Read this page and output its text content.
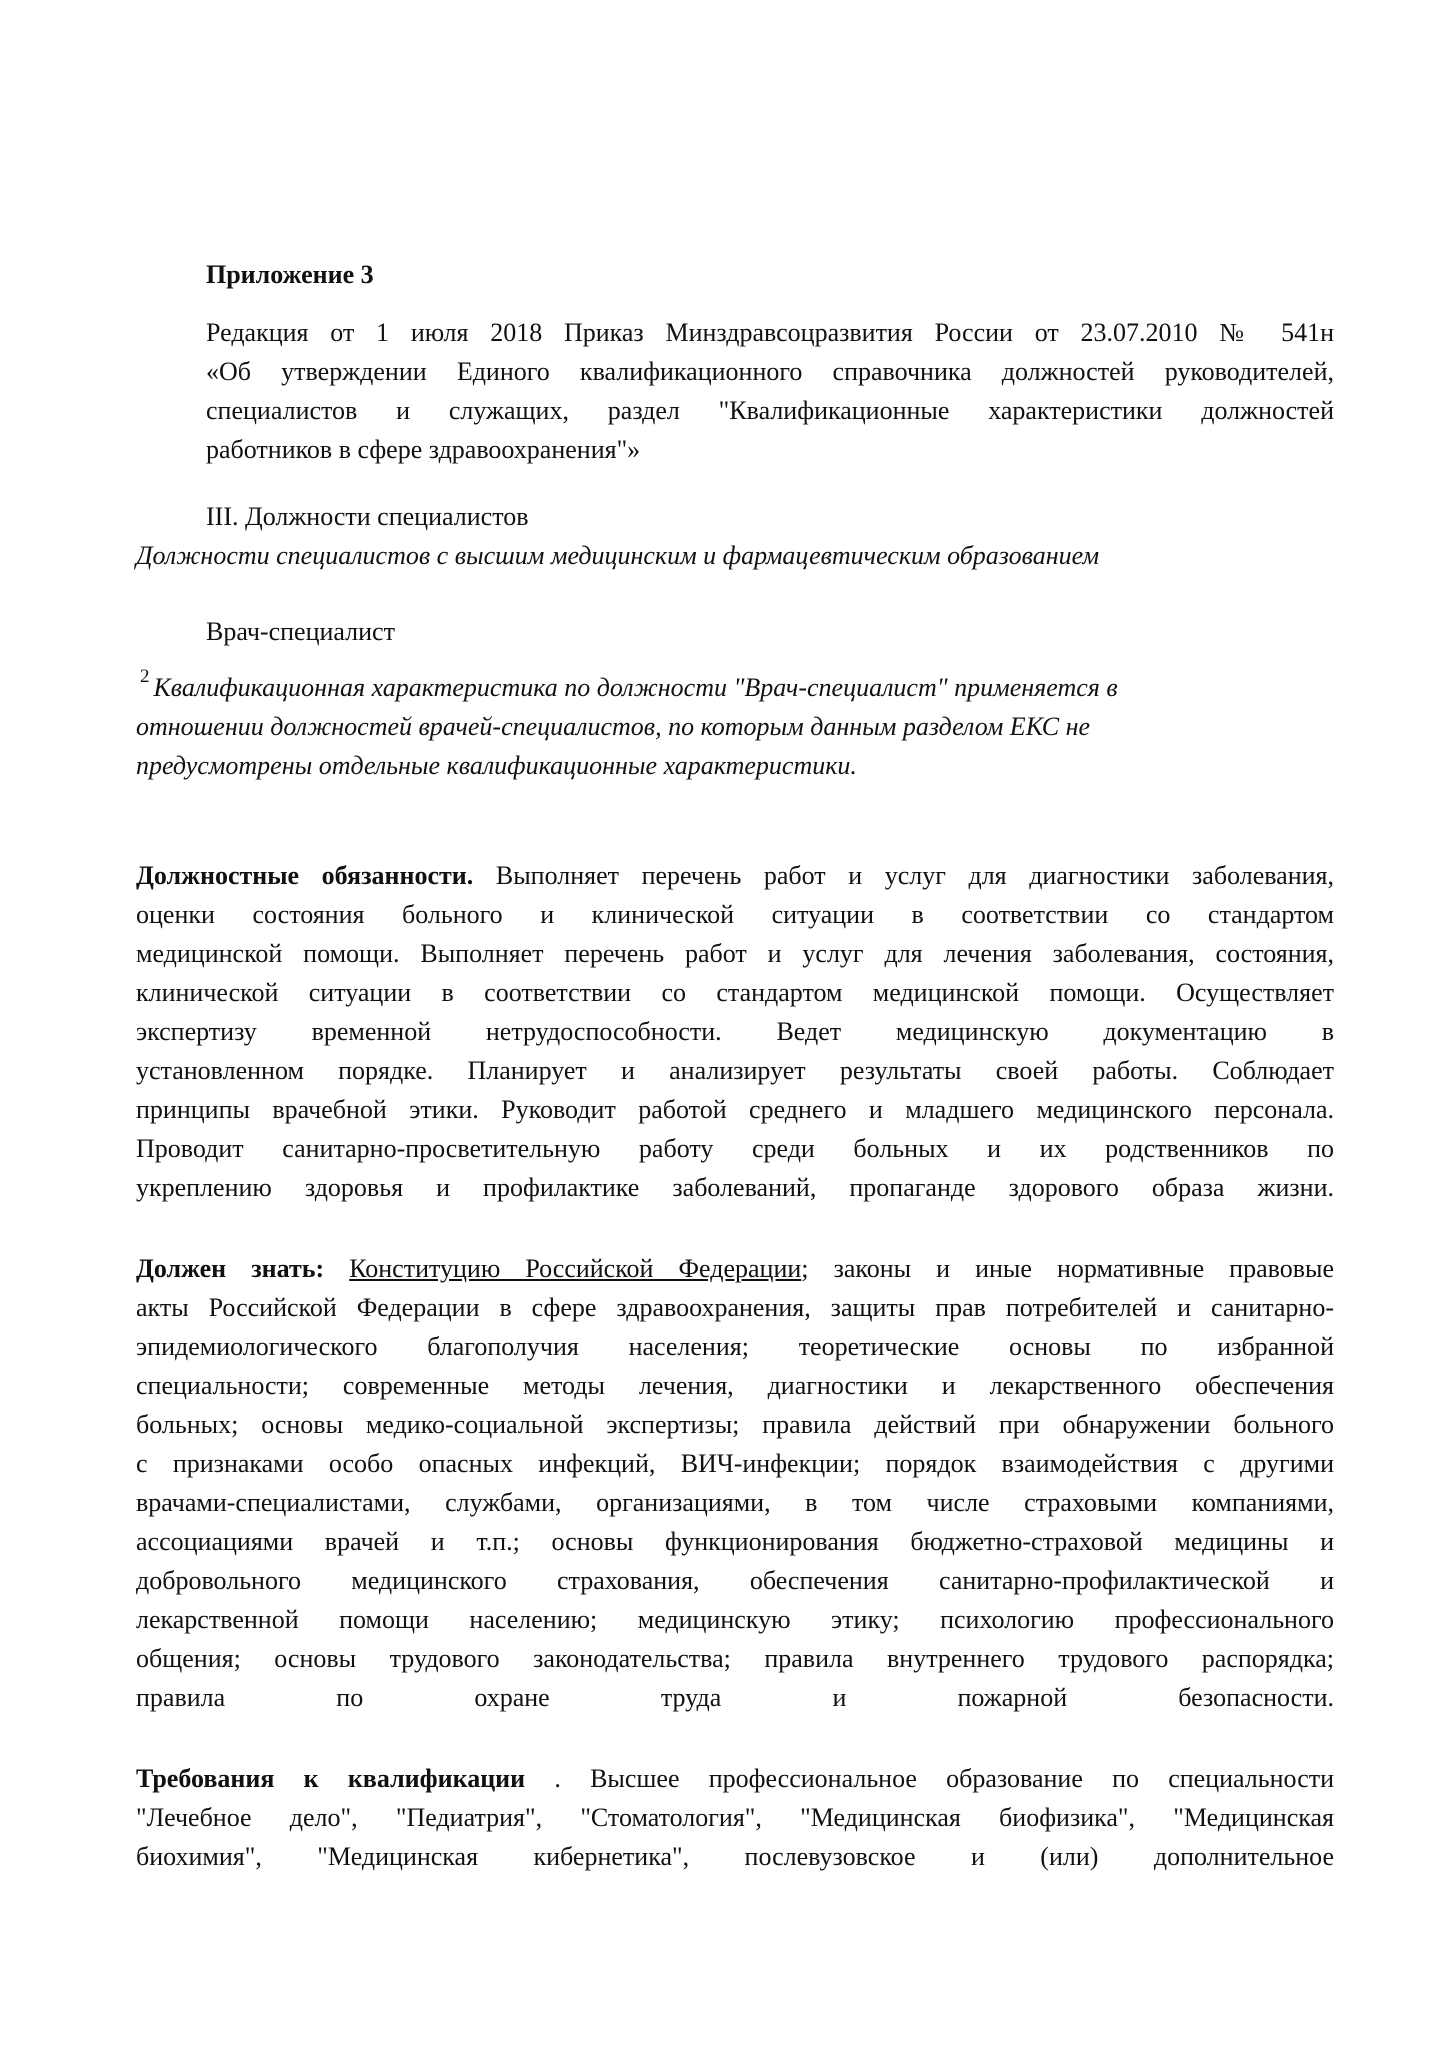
Приложение 3
Редакция от 1 июля 2018 Приказ Минздравсоцразвития России от 23.07.2010 № 541н
«Об утверждении Единого квалификационного справочника должностей руководителей,
специалистов и служащих, раздел "Квалификационные характеристики должностей
работников в сфере здравоохранения"»
III. Должности специалистов
Должности специалистов с высшим медицинским и фармацевтическим образованием
Врач-специалист
$^2$ Квалификационная характеристика по должности "Врач-специалист" применяется в
отношении должностей врачей-специалистов, по которым данным разделом ЕКС не
предусмотрены отдельные квалификационные характеристики.
Должностные обязанности. Выполняет перечень работ и услуг для диагностики заболевания,
оценки состояния больного и клинической ситуации в соответствии со стандартом
медицинской помощи. Выполняет перечень работ и услуг для лечения заболевания, состояния,
клинической ситуации в соответствии со стандартом медицинской помощи. Осуществляет
экспертизу временной нетрудоспособности. Ведет медицинскую документацию в
установленном порядке. Планирует и анализирует результаты своей работы. Соблюдает
принципы врачебной этики. Руководит работой среднего и младшего медицинского персонала.
Проводит санитарно-просветительную работу среди больных и их родственников по
укреплению здоровья и профилактике заболеваний, пропаганде здорового образа жизни.
Должен знать: Конституцию Российской Федерации; законы и иные нормативные правовые
акты Российской Федерации в сфере здравоохранения, защиты прав потребителей и санитарно-
эпидемиологического благополучия населения; теоретические основы по избранной
специальности; современные методы лечения, диагностики и лекарственного обеспечения
больных; основы медико-социальной экспертизы; правила действий при обнаружении больного
с признаками особо опасных инфекций, ВИЧ-инфекции; порядок взаимодействия с другими
врачами-специалистами, службами, организациями, в том числе страховыми компаниями,
ассоциациями врачей и т.п.; основы функционирования бюджетно-страховой медицины и
добровольного медицинского страхования, обеспечения санитарно-профилактической и
лекарственной помощи населению; медицинскую этику; психологию профессионального
общения; основы трудового законодательства; правила внутреннего трудового распорядка;
правила по охране труда и пожарной безопасности.
Требования к квалификации . Высшее профессиональное образование по специальности
"Лечебное дело", "Педиатрия", "Стоматология", "Медицинская биофизика", "Медицинская
биохимия", "Медицинская кибернетика", послевузовское и (или) дополнительное
